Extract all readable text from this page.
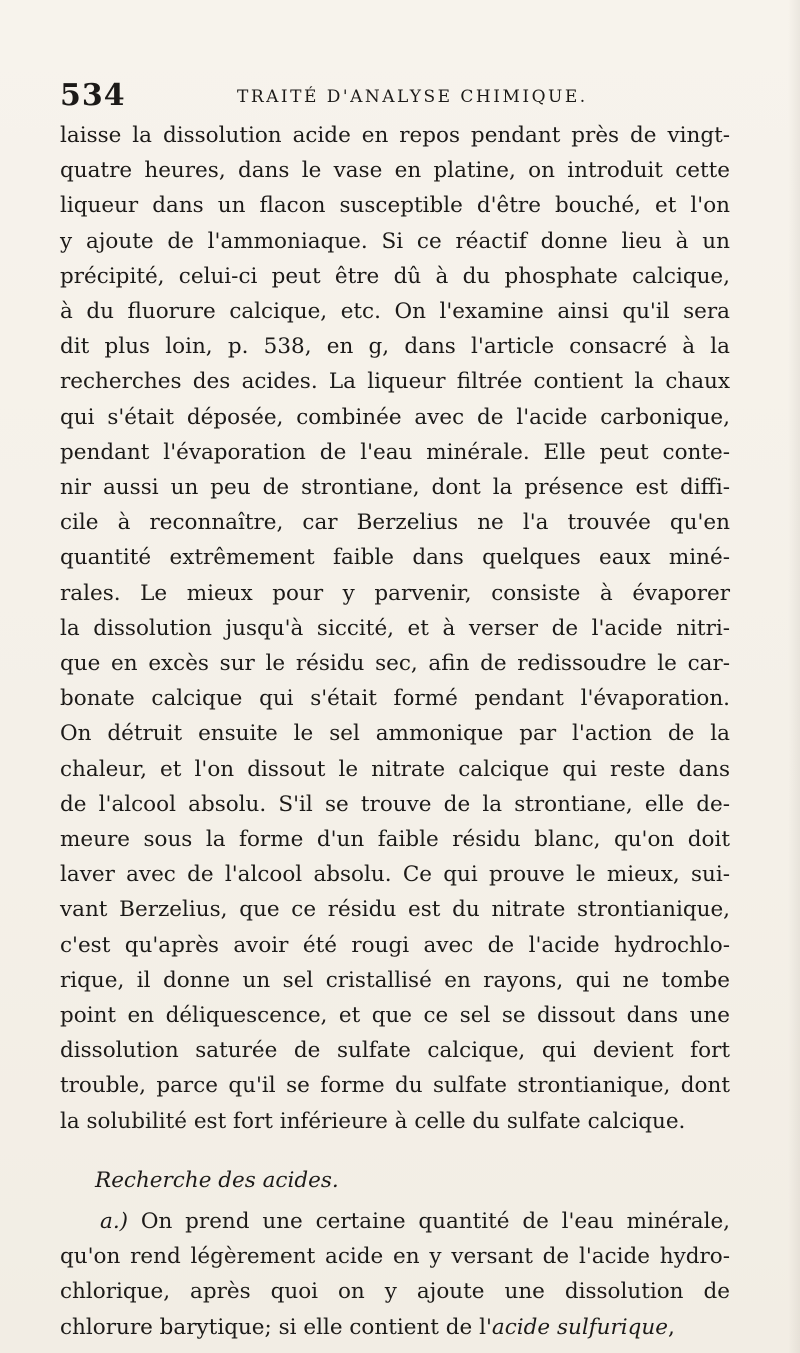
534	TRAITÉ D'ANALYSE CHIMIQUE.
laisse la dissolution acide en repos pendant près de vingt-
quatre heures, dans le vase en platine, on introduit cette
liqueur dans un flacon susceptible d'être bouché, et l'on
y ajoute de l'ammoniaque. Si ce réactif donne lieu à un
précipité, celui-ci peut être dû à du phosphate calcique,
à du fluorure calcique, etc. On l'examine ainsi qu'il sera
dit plus loin, p. 538, en g, dans l'article consacré à la
recherches des acides. La liqueur filtrée contient la chaux
qui s'était déposée, combinée avec de l'acide carbonique,
pendant l'évaporation de l'eau minérale. Elle peut conte-
nir aussi un peu de strontiane, dont la présence est diffi-
cile à reconnaître, car Berzelius ne l'a trouvée qu'en
quantité extrêmement faible dans quelques eaux miné-
rales. Le mieux pour y parvenir, consiste à évaporer
la dissolution jusqu'à siccité, et à verser de l'acide nitri-
que en excès sur le résidu sec, afin de redissoudre le car-
bonate calcique qui s'était formé pendant l'évaporation.
On détruit ensuite le sel ammonique par l'action de la
chaleur, et l'on dissout le nitrate calcique qui reste dans
de l'alcool absolu. S'il se trouve de la strontiane, elle de-
meure sous la forme d'un faible résidu blanc, qu'on doit
laver avec de l'alcool absolu. Ce qui prouve le mieux, sui-
vant Berzelius, que ce résidu est du nitrate strontianique,
c'est qu'après avoir été rougi avec de l'acide hydrochlo-
rique, il donne un sel cristallisé en rayons, qui ne tombe
point en déliquescence, et que ce sel se dissout dans une
dissolution saturée de sulfate calcique, qui devient fort
trouble, parce qu'il se forme du sulfate strontianique, dont
la solubilité est fort inférieure à celle du sulfate calcique.
Recherche des acides.
a.) On prend une certaine quantité de l'eau minérale,
qu'on rend légèrement acide en y versant de l'acide hydro-
chlorique, après quoi on y ajoute une dissolution de
chlorure barytique; si elle contient de l'acide sulfurique,
